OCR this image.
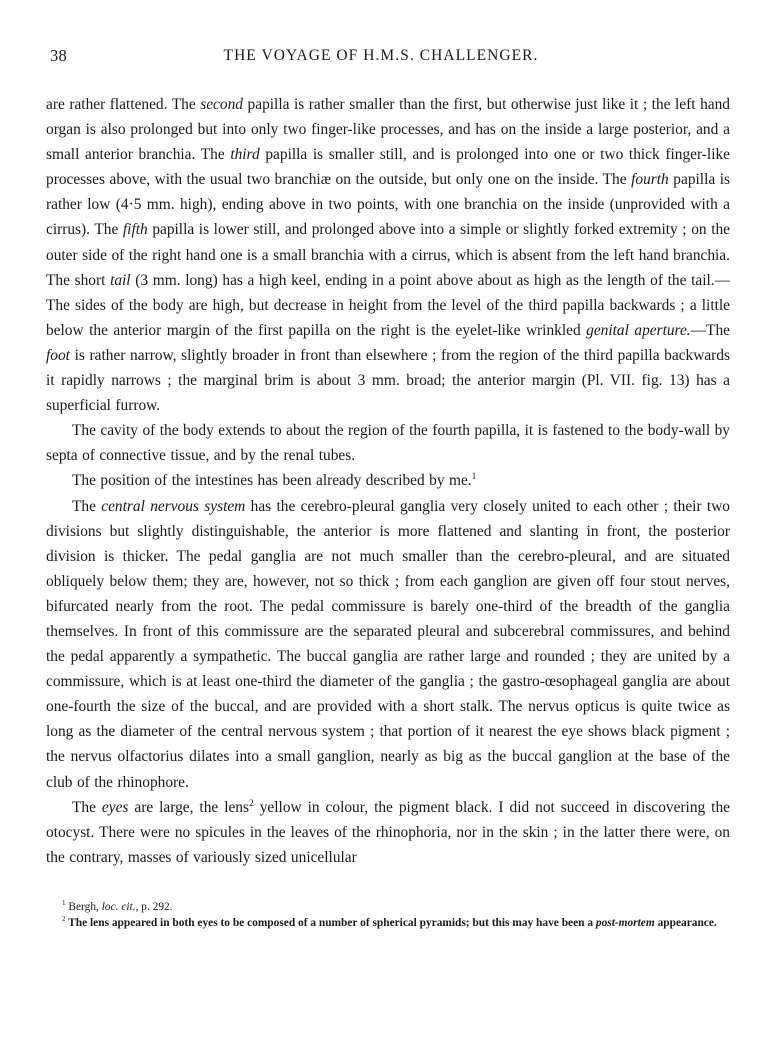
38	THE VOYAGE OF H.M.S. CHALLENGER.

are rather flattened. The second papilla is rather smaller than the first, but otherwise just like it ; the left hand organ is also prolonged but into only two finger-like processes, and has on the inside a large posterior, and a small anterior branchia. The third papilla is smaller still, and is prolonged into one or two thick finger-like processes above, with the usual two branchiæ on the outside, but only one on the inside. The fourth papilla is rather low (4·5 mm. high), ending above in two points, with one branchia on the inside (unprovided with a cirrus). The fifth papilla is lower still, and prolonged above into a simple or slightly forked extremity ; on the outer side of the right hand one is a small branchia with a cirrus, which is absent from the left hand branchia. The short tail (3 mm. long) has a high keel, ending in a point above about as high as the length of the tail.—The sides of the body are high, but decrease in height from the level of the third papilla backwards ; a little below the anterior margin of the first papilla on the right is the eyelet-like wrinkled genital aperture.—The foot is rather narrow, slightly broader in front than elsewhere ; from the region of the third papilla backwards it rapidly narrows ; the marginal brim is about 3 mm. broad; the anterior margin (Pl. VII. fig. 13) has a superficial furrow.

The cavity of the body extends to about the region of the fourth papilla, it is fastened to the body-wall by septa of connective tissue, and by the renal tubes.

The position of the intestines has been already described by me.$^1$

The central nervous system has the cerebro-pleural ganglia very closely united to each other ; their two divisions but slightly distinguishable, the anterior is more flattened and slanting in front, the posterior division is thicker. The pedal ganglia are not much smaller than the cerebro-pleural, and are situated obliquely below them; they are, however, not so thick ; from each ganglion are given off four stout nerves, bifurcated nearly from the root. The pedal commissure is barely one-third of the breadth of the ganglia themselves. In front of this commissure are the separated pleural and subcerebral commissures, and behind the pedal apparently a sympathetic. The buccal ganglia are rather large and rounded ; they are united by a commissure, which is at least one-third the diameter of the ganglia ; the gastro-œsophageal ganglia are about one-fourth the size of the buccal, and are provided with a short stalk. The nervus opticus is quite twice as long as the diameter of the central nervous system ; that portion of it nearest the eye shows black pigment ; the nervus olfactorius dilates into a small ganglion, nearly as big as the buccal ganglion at the base of the club of the rhinophore.

The eyes are large, the lens$^2$ yellow in colour, the pigment black. I did not succeed in discovering the otocyst. There were no spicules in the leaves of the rhinophoria, nor in the skin ; in the latter there were, on the contrary, masses of variously sized unicellular

$^1$ Bergh, loc. cit., p. 292.

$^2$ The lens appeared in both eyes to be composed of a number of spherical pyramids; but this may have been a post-mortem appearance.
